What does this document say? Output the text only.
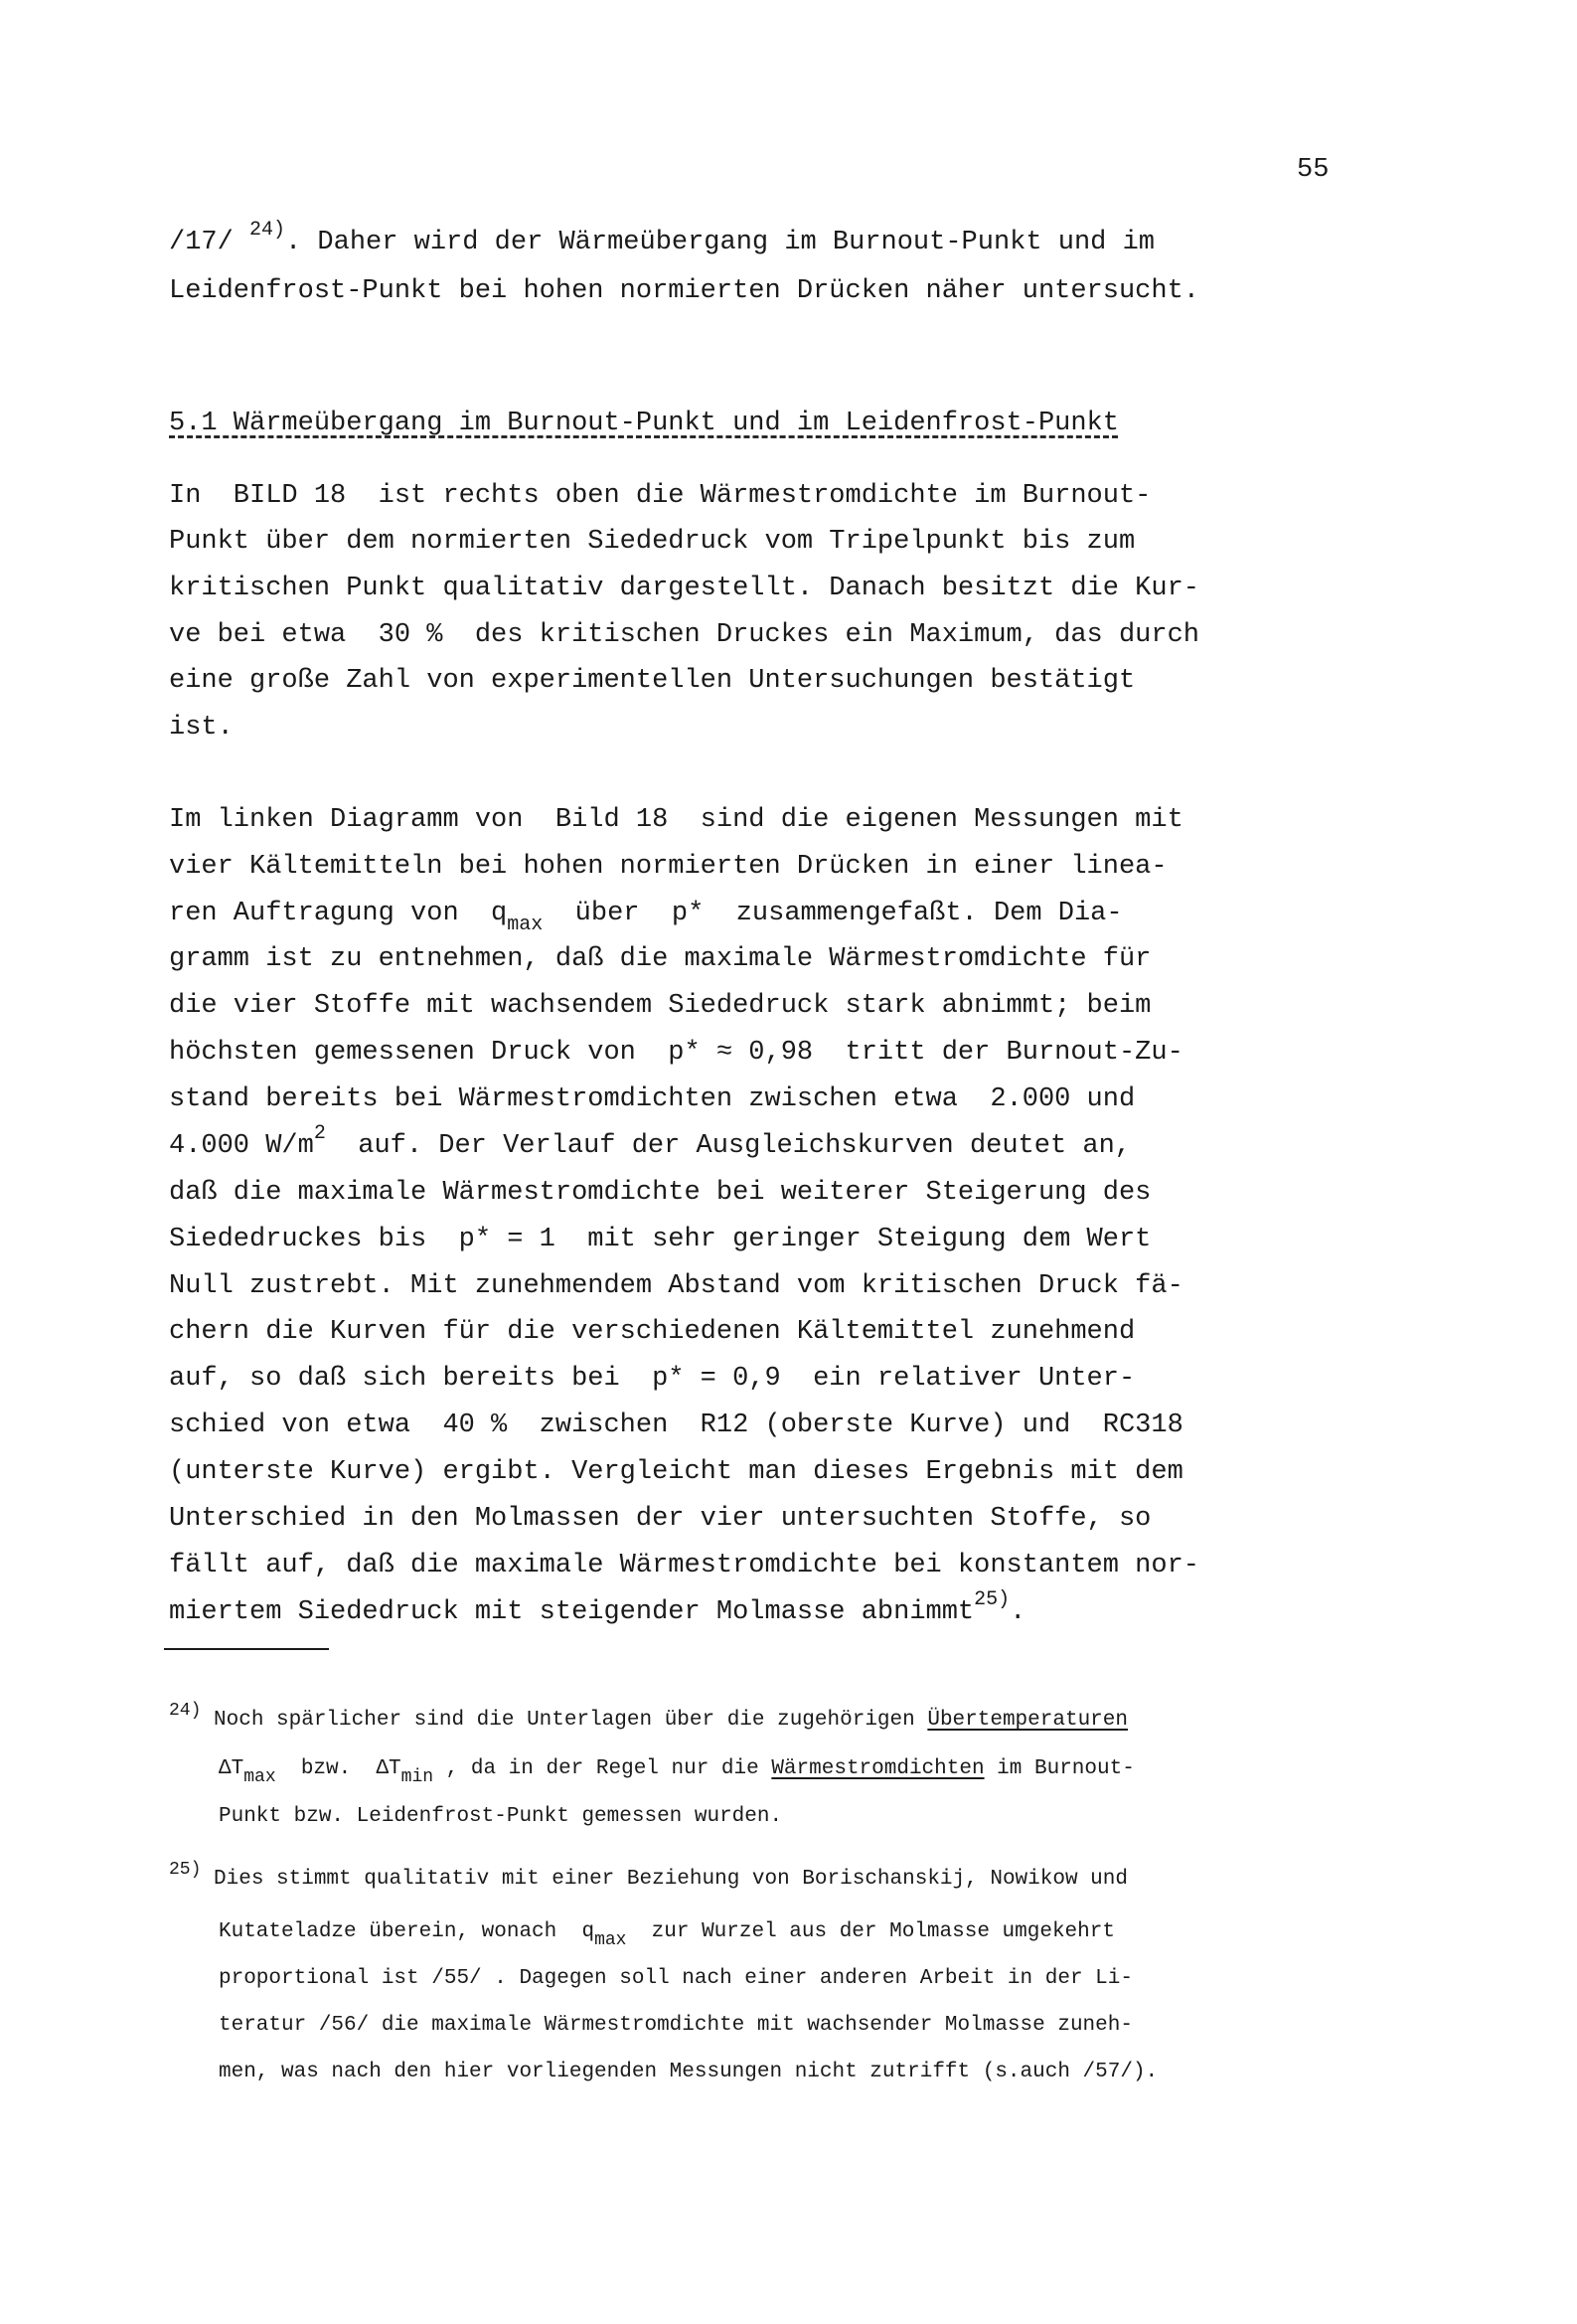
55
/17/ $^{24)}$. Daher wird der Wärmeübergang im Burnout-Punkt und im
Leidenfrost-Punkt bei hohen normierten Drücken näher untersucht.
5.1 Wärmeübergang im Burnout-Punkt und im Leidenfrost-Punkt
In  BILD 18  ist rechts oben die Wärmestromdichte im Burnout-
Punkt über dem normierten Siededruck vom Tripelpunkt bis zum
kritischen Punkt qualitativ dargestellt. Danach besitzt die Kur-
ve bei etwa  30 %  des kritischen Druckes ein Maximum, das durch
eine große Zahl von experimentellen Untersuchungen bestätigt
ist.
Im linken Diagramm von  Bild 18  sind die eigenen Messungen mit
vier Kältemitteln bei hohen normierten Drücken in einer linea-
ren Auftragung von  $q_{max}$  über  p*  zusammengefaßt. Dem Dia-
gramm ist zu entnehmen, daß die maximale Wärmestromdichte für
die vier Stoffe mit wachsendem Siededruck stark abnimmt; beim
höchsten gemessenen Druck von  p* ≈ 0,98  tritt der Burnout-Zu-
stand bereits bei Wärmestromdichten zwischen etwa  2.000 und
4.000 $W/m^2$  auf. Der Verlauf der Ausgleichskurven deutet an,
daß die maximale Wärmestromdichte bei weiterer Steigerung des
Siededruckes bis  p* = 1  mit sehr geringer Steigung dem Wert
Null zustrebt. Mit zunehmendem Abstand vom kritischen Druck fä-
chern die Kurven für die verschiedenen Kältemittel zunehmend
auf, so daß sich bereits bei  p* = 0,9  ein relativer Unter-
schied von etwa  40 %  zwischen  R12 (oberste Kurve) und  RC318
(unterste Kurve) ergibt. Vergleicht man dieses Ergebnis mit dem
Unterschied in den Molmassen der vier untersuchten Stoffe, so
fällt auf, daß die maximale Wärmestromdichte bei konstantem nor-
miertem Siededruck mit steigender Molmasse abnimmt$^{25)}$.
24) Noch spärlicher sind die Unterlagen über die zugehörigen Übertemperaturen
ΔTmax  bzw.  ΔTmin , da in der Regel nur die Wärmestromdichten im Burnout-
Punkt bzw. Leidenfrost-Punkt gemessen wurden.
25) Dies stimmt qualitativ mit einer Beziehung von Borischanskij, Nowikow und
Kutateladze überein, wonach  qmax  zur Wurzel aus der Molmasse umgekehrt
proportional ist /55/ . Dagegen soll nach einer anderen Arbeit in der Li-
teratur /56/ die maximale Wärmestromdichte mit wachsender Molmasse zuneh-
men, was nach den hier vorliegenden Messungen nicht zutrifft (s.auch /57/).
